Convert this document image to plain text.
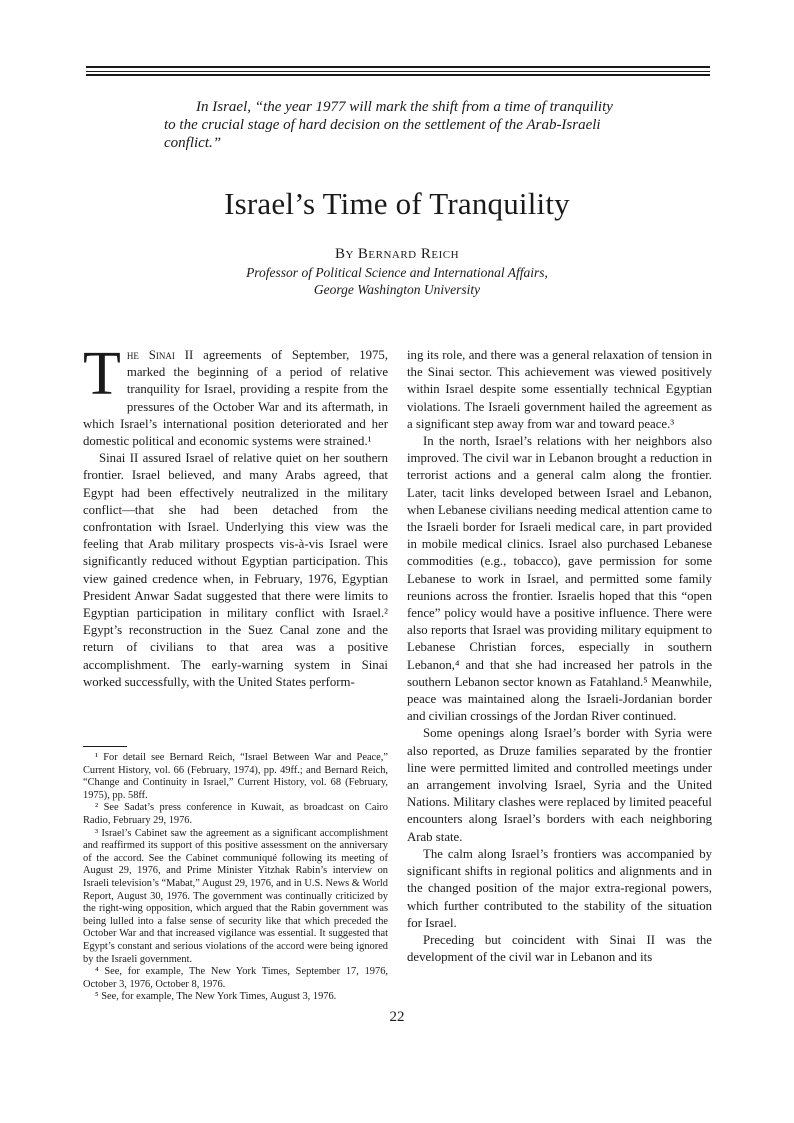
In Israel, “the year 1977 will mark the shift from a time of tranquility
to the crucial stage of hard decision on the settlement of the Arab-Israeli conflict.”
Israel’s Time of Tranquility
By Bernard Reich
Professor of Political Science and International Affairs,
George Washington University

The Sinai II agreements of September, 1975, marked the beginning of a period of relative tranquility for Israel, providing a respite from the pressures of the October War and its aftermath, in which Israel’s international position deteriorated and her domestic political and economic systems were strained.¹

Sinai II assured Israel of relative quiet on her southern frontier. Israel believed, and many Arabs agreed, that Egypt had been effectively neutralized in the military conflict—that she had been detached from the confrontation with Israel. Underlying this view was the feeling that Arab military prospects vis-à-vis Israel were significantly reduced without Egyptian participation. This view gained credence when, in February, 1976, Egyptian President Anwar Sadat suggested that there were limits to Egyptian participation in military conflict with Israel.² Egypt’s reconstruction in the Suez Canal zone and the return of civilians to that area was a positive accomplishment. The early-warning system in Sinai worked successfully, with the United States perform-

ing its role, and there was a general relaxation of tension in the Sinai sector. This achievement was viewed positively within Israel despite some essentially technical Egyptian violations. The Israeli government hailed the agreement as a significant step away from war and toward peace.³

In the north, Israel’s relations with her neighbors also improved. The civil war in Lebanon brought a reduction in terrorist actions and a general calm along the frontier. Later, tacit links developed between Israel and Lebanon, when Lebanese civilians needing medical attention came to the Israeli border for Israeli medical care, in part provided in mobile medical clinics. Israel also purchased Lebanese commodities (e.g., tobacco), gave permission for some Lebanese to work in Israel, and permitted some family reunions across the frontier. Israelis hoped that this “open fence” policy would have a positive influence. There were also reports that Israel was providing military equipment to Lebanese Christian forces, especially in southern Lebanon,⁴ and that she had increased her patrols in the southern Lebanon sector known as Fatahland.⁵ Meanwhile, peace was maintained along the Israeli-Jordanian border and civilian crossings of the Jordan River continued.

Some openings along Israel’s border with Syria were also reported, as Druze families separated by the frontier line were permitted limited and controlled meetings under an arrangement involving Israel, Syria and the United Nations. Military clashes were replaced by limited peaceful encounters along Israel’s borders with each neighboring Arab state.

The calm along Israel’s frontiers was accompanied by significant shifts in regional politics and alignments and in the changed position of the major extra-regional powers, which further contributed to the stability of the situation for Israel.

Preceding but coincident with Sinai II was the development of the civil war in Lebanon and its

¹ For detail see Bernard Reich, “Israel Between War and Peace,” Current History, vol. 66 (February, 1974), pp. 49ff.; and Bernard Reich, “Change and Continuity in Israel,” Current History, vol. 68 (February, 1975), pp. 58ff.

² See Sadat’s press conference in Kuwait, as broadcast on Cairo Radio, February 29, 1976.

³ Israel’s Cabinet saw the agreement as a significant accomplishment and reaffirmed its support of this positive assessment on the anniversary of the accord. See the Cabinet communiqué following its meeting of August 29, 1976, and Prime Minister Yitzhak Rabin’s interview on Israeli television’s “Mabat,” August 29, 1976, and in U.S. News & World Report, August 30, 1976. The government was continually criticized by the right-wing opposition, which argued that the Rabin government was being lulled into a false sense of security like that which preceded the October War and that increased vigilance was essential. It suggested that Egypt’s constant and serious violations of the accord were being ignored by the Israeli government.

⁴ See, for example, The New York Times, September 17, 1976, October 3, 1976, October 8, 1976.

⁵ See, for example, The New York Times, August 3, 1976.

22
